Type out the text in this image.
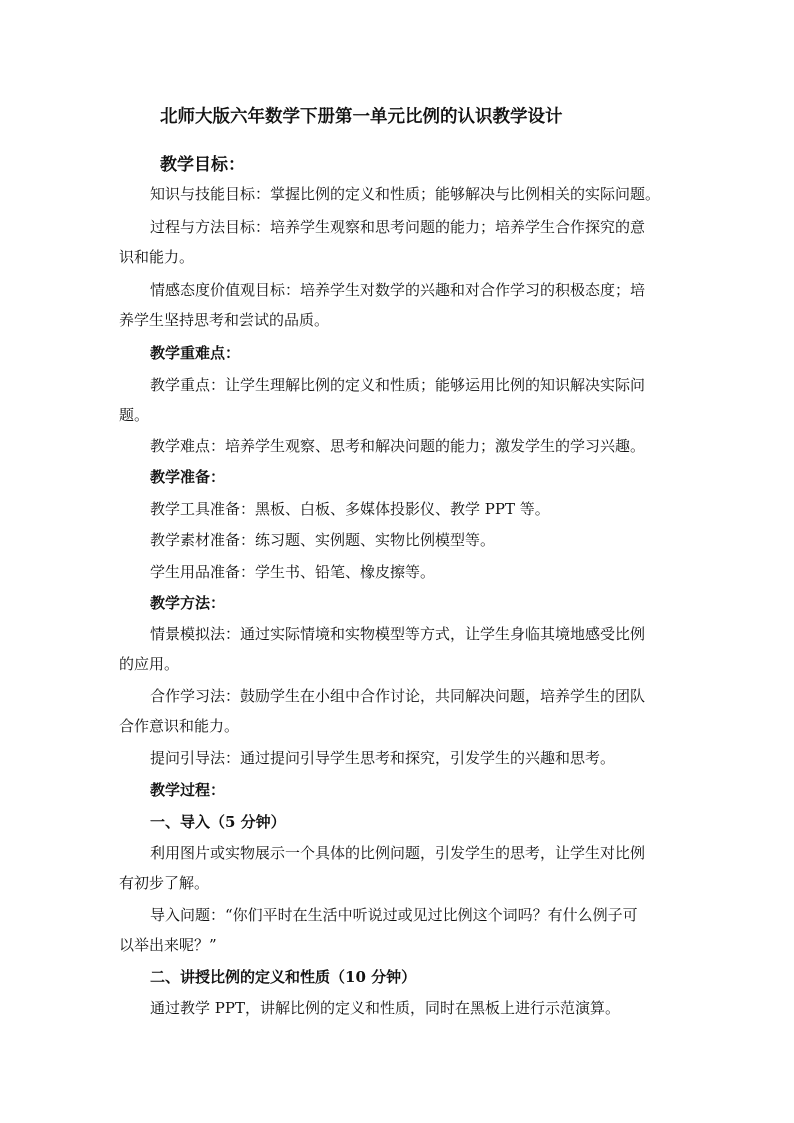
北师大版六年数学下册第一单元比例的认识教学设计
教学目标：
知识与技能目标：掌握比例的定义和性质；能够解决与比例相关的实际问题。
过程与方法目标：培养学生观察和思考问题的能力；培养学生合作探究的意
识和能力。
情感态度价值观目标：培养学生对数学的兴趣和对合作学习的积极态度；培
养学生坚持思考和尝试的品质。
教学重难点：
教学重点：让学生理解比例的定义和性质；能够运用比例的知识解决实际问
题。
教学难点：培养学生观察、思考和解决问题的能力；激发学生的学习兴趣。
教学准备：
教学工具准备：黑板、白板、多媒体投影仪、教学 PPT 等。
教学素材准备：练习题、实例题、实物比例模型等。
学生用品准备：学生书、铅笔、橡皮擦等。
教学方法：
情景模拟法：通过实际情境和实物模型等方式，让学生身临其境地感受比例
的应用。
合作学习法：鼓励学生在小组中合作讨论，共同解决问题，培养学生的团队
合作意识和能力。
提问引导法：通过提问引导学生思考和探究，引发学生的兴趣和思考。
教学过程：
一、导入（5 分钟）
利用图片或实物展示一个具体的比例问题，引发学生的思考，让学生对比例
有初步了解。
导入问题：“你们平时在生活中听说过或见过比例这个词吗？有什么例子可
以举出来呢？”
二、讲授比例的定义和性质（10 分钟）
通过教学 PPT，讲解比例的定义和性质，同时在黑板上进行示范演算。
